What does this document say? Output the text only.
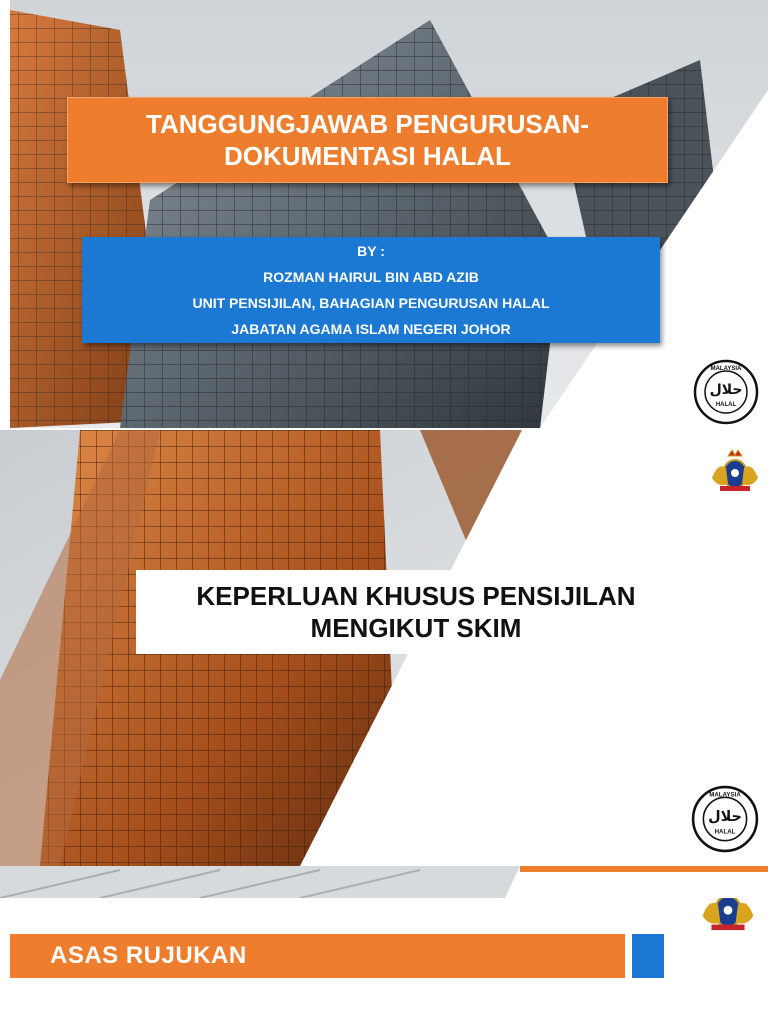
TANGGUNGJAWAB PENGURUSAN-
DOKUMENTASI HALAL
BY :
ROZMAN HAIRUL BIN ABD AZIB
UNIT PENSIJILAN, BAHAGIAN PENGURUSAN HALAL
JABATAN AGAMA ISLAM NEGERI JOHOR
حلال
HALAL
MALAYSIA
KEPERLUAN KHUSUS PENSIJILAN
MENGIKUT SKIM
حلال
HALAL
MALAYSIA
ASAS RUJUKAN
